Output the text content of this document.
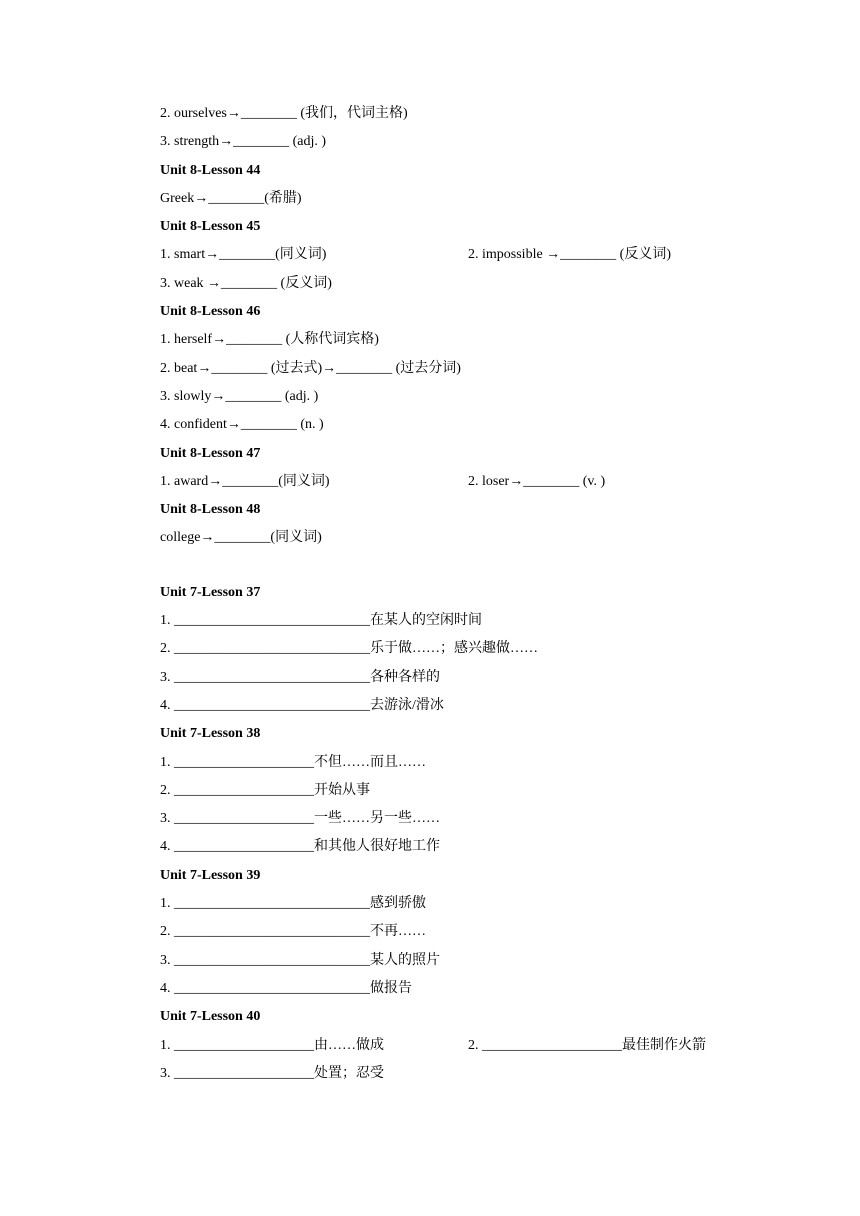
2. ourselves→________ (我们，代词主格)
3. strength→________ (adj. )
Unit 8-Lesson 44
Greek→________(希腊)
Unit 8-Lesson 45
1. smart→________(同义词)	2. impossible →________ (反义词)
3. weak →________ (反义词)
Unit 8-Lesson 46
1. herself→________ (人称代词宾格)
2. beat→________ (过去式)→________ (过去分词)
3. slowly→________ (adj. )
4. confident→________ (n. )
Unit 8-Lesson 47
1. award→________(同义词)	2. loser→________ (v. )
Unit 8-Lesson 48
college→________(同义词)
Unit 7-Lesson 37
1. ____________________________在某人的空闲时间
2. ____________________________乐于做……；感兴趣做……
3. ____________________________各种各样的
4. ____________________________去游泳/滑冰
Unit 7-Lesson 38
1. ____________________不但……而且……
2. ____________________开始从事
3. ____________________一些……另一些……
4. ____________________和其他人很好地工作
Unit 7-Lesson 39
1. ____________________________感到骄傲
2. ____________________________不再……
3. ____________________________某人的照片
4. ____________________________做报告
Unit 7-Lesson 40
1. ____________________由……做成	2. ____________________最佳制作火箭
3. ____________________处置；忍受
